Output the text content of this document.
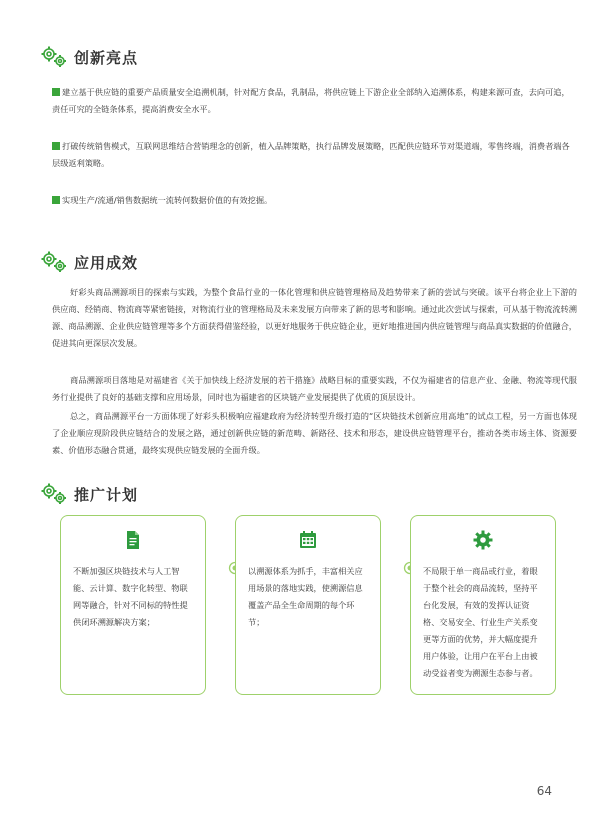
创新亮点
建立基于供应链的重要产品质量安全追溯机制，针对配方食品，乳制品，将供应链上下游企业全部纳入追溯体系，构建来源可查，去向可追，责任可究的全链条体系，提高消费安全水平。
打破传统销售模式，互联网思维结合营销理念的创新，植入品牌策略，执行品牌发展策略，匹配供应链环节对渠道端，零售终端，消费者端各层级返利策略。
实现生产/流通/销售数据统一流转何数据价值的有效挖掘。
应用成效
好彩头商品溯源项目的探索与实践，为整个食品行业的一体化管理和供应链管理格局及趋势带来了新的尝试与突破。该平台将企业上下游的供应商、经销商、物流商等紧密链接，对物流行业的管理格局及未来发展方向带来了新的思考和影响。通过此次尝试与探索，可从基于物流流转溯源、商品溯源、企业供应链管理等多个方面获得借鉴经验，以更好地服务于供应链企业，更好地推进国内供应链管理与商品真实数据的价值融合，促进其向更深层次发展。
商品溯源项目落地是对福建省《关于加快线上经济发展的若干措施》战略目标的重要实践，不仅为福建省的信息产业、金融、物流等现代服务行业提供了良好的基础支撑和应用场景，同时也为福建省的区块链产业发展提供了优质的顶层设计。
总之，商品溯源平台一方面体现了好彩头积极响应福建政府为经济转型升级打造的“区块链技术创新应用高地”的试点工程，另一方面也体现了企业顺应现阶段供应链结合的发展之路，通过创新供应链的新范畴、新路径、技术和形态，建设供应链管理平台，推动各类市场主体、资源要素、价值形态融合贯通，最终实现供应链发展的全面升级。
推广计划
不断加强区块链技术与人工智能、云计算、数字化转型、物联网等融合，针对不同标的特性提供闭环溯源解决方案；
以溯源体系为抓手，丰富相关应用场景的落地实践，使溯源信息覆盖产品全生命周期的每个环节；
不局限于单一商品或行业，着眼于整个社会的商品流转，坚持平台化发展，有效的发挥认证资格、交易安全、行业生产关系变更等方面的优势，并大幅度提升用户体验，让用户在平台上由被动受益者变为溯源生态参与者。
64
